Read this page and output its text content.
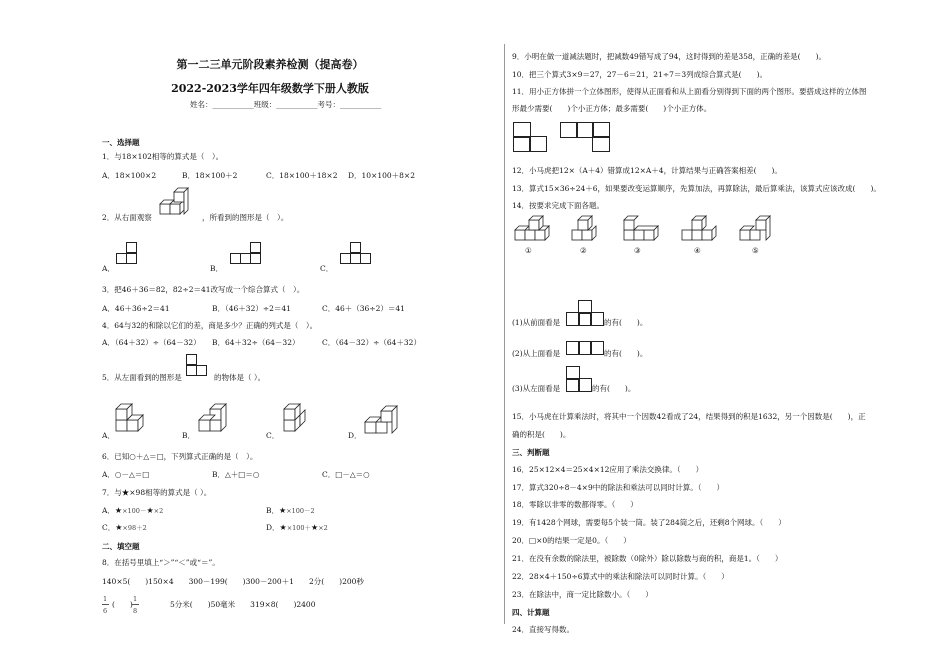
第一二三单元阶段素养检测（提高卷）
2022-2023学年四年级数学下册人教版
姓名：___________班级：___________考号：___________
一、选择题
1．与18×102相等的算式是（　）。
A．18×100×2	B．18×100＋2	C．18×100＋18×2 D．10×100＋8×2
2．从右面观察	，所看到的图形是（　）。
A．	B．	C．
3．把46＋36＝82，82÷2＝41改写成一个综合算式（　）。
A．46＋36÷2＝41	B．（46＋32）÷2＝41	C．46＋（36÷2）＝41
4．64与32的和除以它们的差，商是多少？正确的列式是（　）。
A．（64＋32）÷（64－32） B．64＋32÷（64－32）	C．（64－32）÷（64＋32）
5．从左面看到的图形是	的物体是（ ）。
A．	B．	C．	D．
6．已知○＋△＝□，下列算式正确的是（　）。
A．○－△＝□	B．△＋□＝○	C．□－△＝○
7．与★×98相等的算式是（ ）。
A．★×100－★×2	B．★×100－2
C．★×98＋2	D．★×100＋★×2
二、填空题
8．在括号里填上“＞”“＜”或“＝”。
140×5(　　)150×4　　300－199(　　)300－200＋1　　2分(　　)200秒
1
6
(　　)
1
8
5分米(　　)50毫米　　319×8(　　)2400
9．小明在做一道减法题时，把减数49错写成了94，这时得到的差是358，正确的差是(　　)。
10．把三个算式3×9＝27，27－6＝21，21÷7＝3列成综合算式是(　　)。
11．用小正方体拼一个立体图形，使得从正面看和从上面看分别得到下面的两个图形。要搭成这样的立体图
形最少需要(　　)个小正方体；最多需要(　　)个小正方体。
12．小马虎把12×（A＋4）错算成12×A＋4，计算结果与正确答案相差(　　)。
13．算式15×36÷24＋6，如果要改变运算顺序，先算加法，再算除法，最后算乘法，该算式应该改成(　　)。
14．按要求完成下面各题。
①	②	③	④	⑤
(1)从前面看是	的有(　　)。
(2)从上面看是	的有(　　)。
(3)从左面看是	的有(　　)。
15．小马虎在计算乘法时，将其中一个因数42看成了24，结果得到的积是1632，另一个因数是(　　)，正
确的积是(　　)。
三、判断题
16．25×12×4＝25×4×12应用了乘法交换律。（　　）
17．算式320÷8－4×9中的除法和乘法可以同时计算。（　　）
18．零除以非零的数都得零。（　　）
19．有1428个网球，需要每5个装一筒。装了284筒之后，还剩8个网球。（　　）
20．□×0的结果一定是0。（　　）
21．在没有余数的除法里，被除数（0除外）除以除数与商的积，商是1。（　　）
22．28×4＋150÷6算式中的乘法和除法可以同时计算。（　　）
23．在除法中，商一定比除数小。（　　）
四、计算题
24．直接写得数。
